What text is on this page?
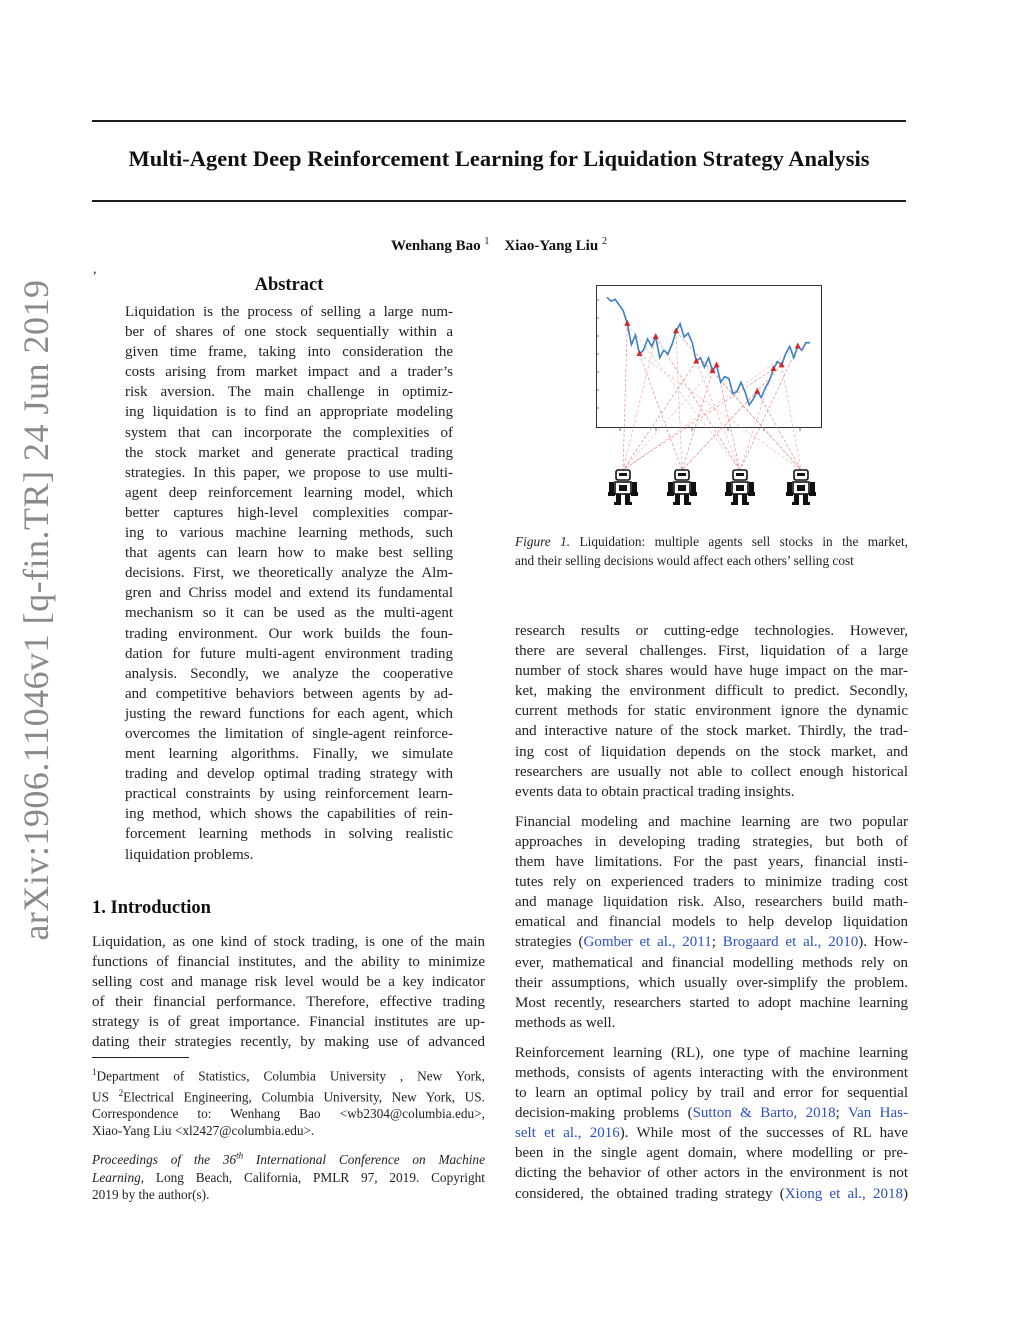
arXiv:1906.11046v1 [q-fin.TR] 24 Jun 2019
Multi-Agent Deep Reinforcement Learning for Liquidation Strategy Analysis
Wenhang Bao $^1$ Xiao-Yang Liu $^2$
,
Abstract
Liquidation is the process of selling a large num-
ber of shares of one stock sequentially within a
given time frame, taking into consideration the
costs arising from market impact and a trader’s
risk aversion. The main challenge in optimiz-
ing liquidation is to find an appropriate modeling
system that can incorporate the complexities of
the stock market and generate practical trading
strategies. In this paper, we propose to use multi-
agent deep reinforcement learning model, which
better captures high-level complexities compar-
ing to various machine learning methods, such
that agents can learn how to make best selling
decisions. First, we theoretically analyze the Alm-
gren and Chriss model and extend its fundamental
mechanism so it can be used as the multi-agent
trading environment. Our work builds the foun-
dation for future multi-agent environment trading
analysis. Secondly, we analyze the cooperative
and competitive behaviors between agents by ad-
justing the reward functions for each agent, which
overcomes the limitation of single-agent reinforce-
ment learning algorithms. Finally, we simulate
trading and develop optimal trading strategy with
practical constraints by using reinforcement learn-
ing method, which shows the capabilities of rein-
forcement learning methods in solving realistic
liquidation problems.
1. Introduction
Liquidation, as one kind of stock trading, is one of the main
functions of financial institutes, and the ability to minimize
selling cost and manage risk level would be a key indicator
of their financial performance. Therefore, effective trading
strategy is of great importance. Financial institutes are up-
dating their strategies recently, by making use of advanced
$^1$Department of Statistics, Columbia University , New York,
US $^2$Electrical Engineering, Columbia University, New York, US.
Correspondence to: Wenhang Bao <wb2304@columbia.edu>,
Xiao-Yang Liu <xl2427@columbia.edu>.
Proceedings of the 36th International Conference on Machine
Learning, Long Beach, California, PMLR 97, 2019. Copyright
2019 by the author(s).
Figure 1. Liquidation: multiple agents sell stocks in the market,
and their selling decisions would affect each others’ selling cost
research results or cutting-edge technologies. However,
there are several challenges. First, liquidation of a large
number of stock shares would have huge impact on the mar-
ket, making the environment difficult to predict. Secondly,
current methods for static environment ignore the dynamic
and interactive nature of the stock market. Thirdly, the trad-
ing cost of liquidation depends on the stock market, and
researchers are usually not able to collect enough historical
events data to obtain practical trading insights.
Financial modeling and machine learning are two popular
approaches in developing trading strategies, but both of
them have limitations. For the past years, financial insti-
tutes rely on experienced traders to minimize trading cost
and manage liquidation risk. Also, researchers build math-
ematical and financial models to help develop liquidation
strategies (Gomber et al., 2011; Brogaard et al., 2010). How-
ever, mathematical and financial modelling methods rely on
their assumptions, which usually over-simplify the problem.
Most recently, researchers started to adopt machine learning
methods as well.
Reinforcement learning (RL), one type of machine learning
methods, consists of agents interacting with the environment
to learn an optimal policy by trail and error for sequential
decision-making problems (Sutton & Barto, 2018; Van Has-
selt et al., 2016). While most of the successes of RL have
been in the single agent domain, where modelling or pre-
dicting the behavior of other actors in the environment is not
considered, the obtained trading strategy (Xiong et al., 2018)
